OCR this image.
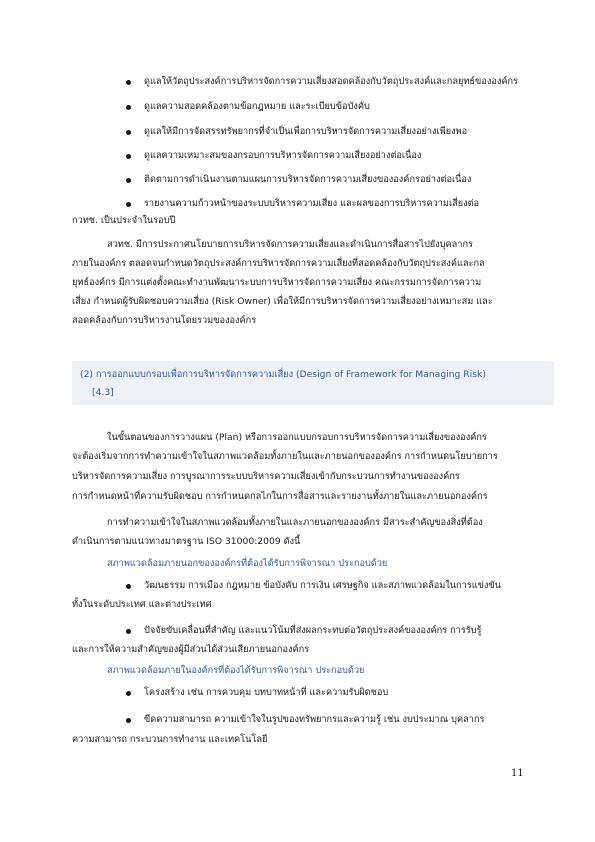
ดูแลให้วัตถุประสงค์การบริหารจัดการความเสี่ยงสอดคล้องกับวัตถุประสงค์และกลยุทธ์ขององค์กร
ดูแลความสอดคล้องตามข้อกฎหมาย และระเบียบข้อบังคับ
ดูแลให้มีการจัดสรรทรัพยากรที่จำเป็นเพื่อการบริหารจัดการความเสี่ยงอย่างเพียงพอ
ดูแลความเหมาะสมของกรอบการบริหารจัดการความเสี่ยงอย่างต่อเนื่อง
ติดตามการดำเนินงานตามแผนการบริหารจัดการความเสี่ยงขององค์กรอย่างต่อเนื่อง
รายงานความก้าวหน้าของระบบบริหารความเสี่ยง และผลของการบริหารความเสี่ยงต่อ
กวทช. เป็นประจำในรอบปี
สวทช. มีการประกาศนโยบายการบริหารจัดการความเสี่ยงและดำเนินการสื่อสารไปยังบุคลากร
ภายในองค์กร ตลอดจนกำหนดวัตถุประสงค์การบริหารจัดการความเสี่ยงที่สอดคล้องกับวัตถุประสงค์และกล
ยุทธ์องค์กร มีการแต่งตั้งคณะทำงานพัฒนาระบบการบริหารจัดการความเสี่ยง คณะกรรมการจัดการความ
เสี่ยง กำหนดผู้รับผิดชอบความเสี่ยง (Risk Owner) เพื่อให้มีการบริหารจัดการความเสี่ยงอย่างเหมาะสม และ
สอดคล้องกับการบริหารงานโดยรวมขององค์กร
(2) การออกแบบกรอบเพื่อการบริหารจัดการความเสี่ยง (Design of Framework for Managing Risk)
[4.3]
ในขั้นตอนของการวางแผน (Plan) หรือการออกแบบกรอบการบริหารจัดการความเสี่ยงขององค์กร
จะต้องเริ่มจากการทำความเข้าใจในสภาพแวดล้อมทั้งภายในและภายนอกขององค์กร การกำหนดนโยบายการ
บริหารจัดการความเสี่ยง การบูรณาการระบบบริหารความเสี่ยงเข้ากับกระบวนการทำงานขององค์กร
การกำหนดหน้าที่ความรับผิดชอบ การกำหนดกลไกในการสื่อสารและรายงานทั้งภายในและภายนอกองค์กร
การทำความเข้าใจในสภาพแวดล้อมทั้งภายในและภายนอกขององค์กร มีสาระสำคัญของสิ่งที่ต้อง
ดำเนินการตามแนวทางมาตรฐาน ISO 31000:2009 ดังนี้
สภาพแวดล้อมภายนอกขององค์กรที่ต้องได้รับการพิจารณา ประกอบด้วย
วัฒนธรรม การเมือง กฎหมาย ข้อบังคับ การเงิน เศรษฐกิจ และสภาพแวดล้อมในการแข่งขัน
ทั้งในระดับประเทศ และต่างประเทศ
ปัจจัยขับเคลื่อนที่สำคัญ และแนวโน้มที่ส่งผลกระทบต่อวัตถุประสงค์ขององค์กร การรับรู้
และการให้ความสำคัญของผู้มีส่วนได้ส่วนเสียภายนอกองค์กร
สภาพแวดล้อมภายในองค์กรที่ต้องได้รับการพิจารณา ประกอบด้วย
โครงสร้าง เช่น การควบคุม บทบาทหน้าที่ และความรับผิดชอบ
ขีดความสามารถ ความเข้าใจในรูปของทรัพยากรและความรู้ เช่น งบประมาณ บุคลากร
ความสามารถ กระบวนการทำงาน และเทคโนโลยี
11
